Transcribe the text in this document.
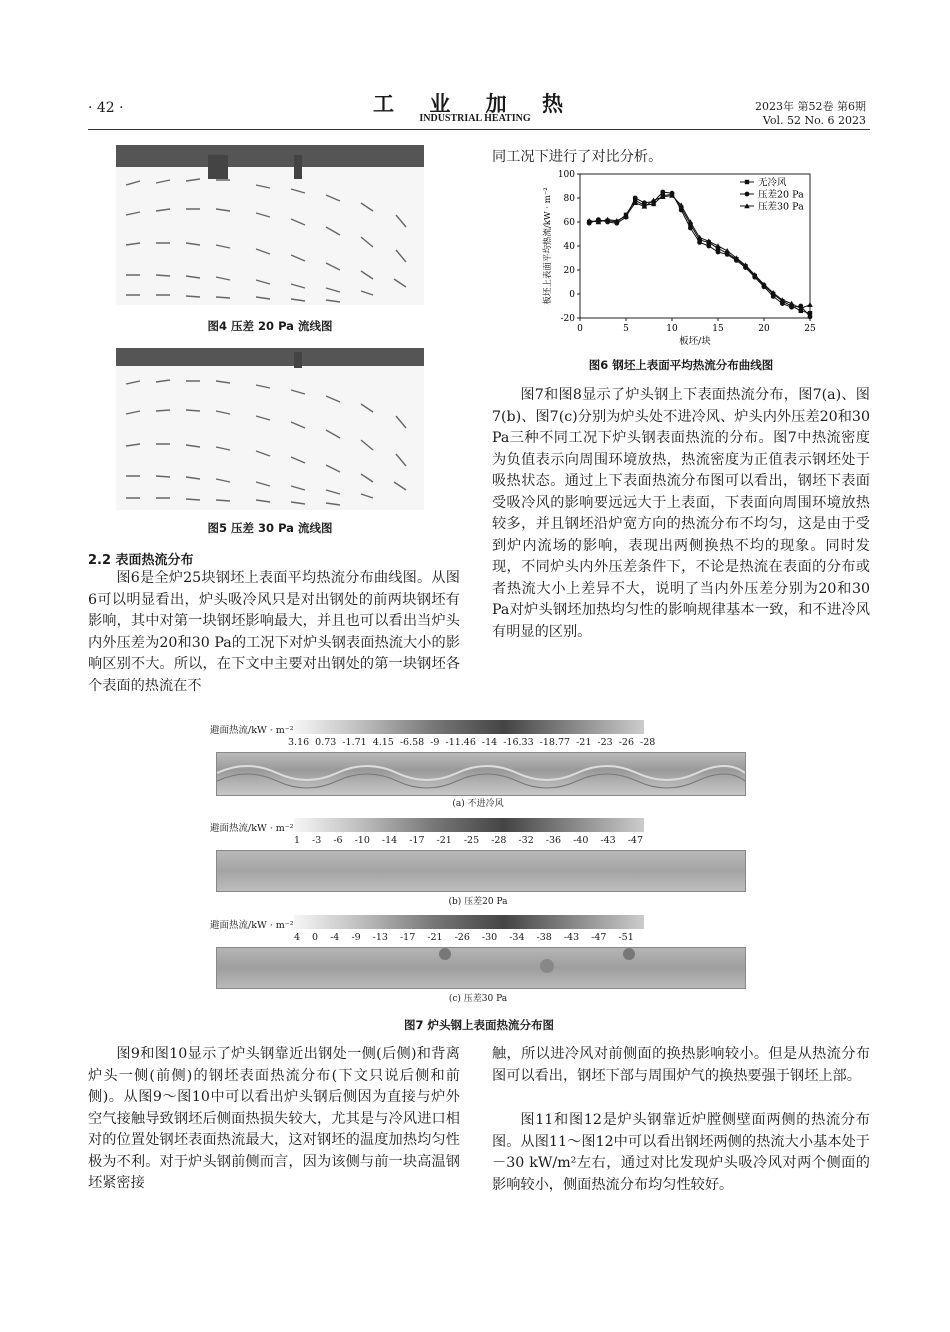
· 42 ·	工 业 加 热
INDUSTRIAL HEATING
2023年 第52卷 第6期
Vol. 52 No. 6 2023
图4 压差 20 Pa 流线图
图5 压差 30 Pa 流线图
2.2 表面热流分布

图6是全炉25块钢坯上表面平均热流分布曲线图。从图6可以明显看出，炉头吸冷风只是对出钢处的前两块钢坯有影响，其中对第一块钢坯影响最大，并且也可以看出当炉头内外压差为20和30 Pa的工况下对炉头钢表面热流大小的影响区别不大。所以，在下文中主要对出钢处的第一块钢坯各个表面的热流在不

同工况下进行了对比分析。
100
80
60
40
20
0
-20
0	5	10	15	20	25
板坯/块
板坯上表面平均热流/kW · m⁻²
无冷风
压差20 Pa
压差30 Pa
图6 钢坯上表面平均热流分布曲线图

图7和图8显示了炉头钢上下表面热流分布，图7(a)、图7(b)、图7(c)分别为炉头处不进冷风、炉头内外压差20和30 Pa三种不同工况下炉头钢表面热流的分布。图7中热流密度为负值表示向周围环境放热，热流密度为正值表示钢坯处于吸热状态。通过上下表面热流分布图可以看出，钢坯下表面受吸冷风的影响要远远大于上表面，下表面向周围环境放热较多，并且钢坯沿炉宽方向的热流分布不均匀，这是由于受到炉内流场的影响，表现出两侧换热不均的现象。同时发现，不同炉头内外压差条件下，不论是热流在表面的分布或者热流大小上差异不大，说明了当内外压差分别为20和30 Pa对炉头钢坯加热均匀性的影响规律基本一致，和不进冷风有明显的区别。

避面热流/kW · m⁻²
3.16 0.73 -1.71 4.15 -6.58 -9 -11.46 -14 -16.33 -18.77 -21 -23 -26 -28
(a) 不进冷风
避面热流/kW · m⁻²
1 -3 -6 -10 -14 -17 -21 -25 -28 -32 -36 -40 -43 -47
(b) 压差20 Pa
避面热流/kW · m⁻²
4 0 -4 -9 -13 -17 -21 -26 -30 -34 -38 -43 -47 -51
(c) 压差30 Pa
图7 炉头钢上表面热流分布图

图9和图10显示了炉头钢靠近出钢处一侧(后侧)和背离炉头一侧(前侧)的钢坯表面热流分布(下文只说后侧和前侧)。从图9～图10中可以看出炉头钢后侧因为直接与炉外空气接触导致钢坯后侧面热损失较大，尤其是与冷风进口相对的位置处钢坯表面热流最大，这对钢坯的温度加热均匀性极为不利。对于炉头钢前侧而言，因为该侧与前一块高温钢坯紧密接

触，所以进冷风对前侧面的换热影响较小。但是从热流分布图可以看出，钢坯下部与周围炉气的换热要强于钢坯上部。

图11和图12是炉头钢靠近炉膛侧壁面两侧的热流分布图。从图11～图12中可以看出钢坯两侧的热流大小基本处于－30 kW/m²左右，通过对比发现炉头吸冷风对两个侧面的影响较小，侧面热流分布均匀性较好。
